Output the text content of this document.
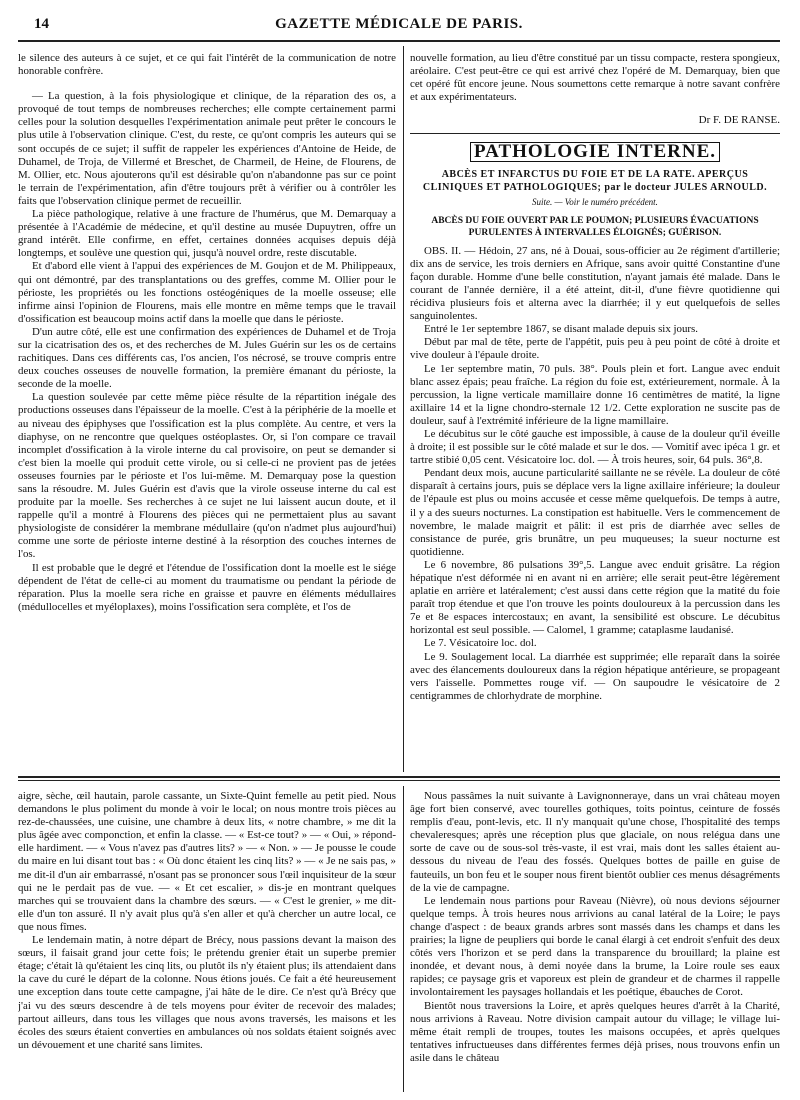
14	GAZETTE MÉDICALE DE PARIS.

le silence des auteurs à ce sujet, et ce qui fait l'intérêt de la communication de notre honorable confrère.

— La question, à la fois physiologique et clinique, de la réparation des os, a provoqué de tout temps de nombreuses recherches; elle compte certainement parmi celles pour la solution desquelles l'expérimentation animale peut prêter le concours le plus utile à l'observation clinique. C'est, du reste, ce qu'ont compris les auteurs qui se sont occupés de ce sujet; il suffit de rappeler les expériences d'Antoine de Heide, de Duhamel, de Troja, de Villermé et Breschet, de Charmeil, de Heine, de Flourens, de M. Ollier, etc. Nous ajouterons qu'il est désirable qu'on n'abandonne pas sur ce point le terrain de l'expérimentation, afin d'être toujours prêt à vérifier ou à contrôler les faits que l'observation clinique permet de recueillir.

La pièce pathologique, relative à une fracture de l'humérus, que M. Demarquay a présentée à l'Académie de médecine, et qu'il destine au musée Dupuytren, offre un grand intérêt. Elle confirme, en effet, certaines données acquises depuis déjà longtemps, et soulève une question qui, jusqu'à nouvel ordre, reste discutable.

Et d'abord elle vient à l'appui des expériences de M. Goujon et de M. Philippeaux, qui ont démontré, par des transplantations ou des greffes, comme M. Ollier pour le périoste, les propriétés ou les fonctions ostéogéniques de la moelle osseuse; elle infirme ainsi l'opinion de Flourens, mais elle montre en même temps que le travail d'ossification est beaucoup moins actif dans la moelle que dans le périoste.

D'un autre côté, elle est une confirmation des expériences de Duhamel et de Troja sur la cicatrisation des os, et des recherches de M. Jules Guérin sur les os de certains rachitiques. Dans ces différents cas, l'os ancien, l'os nécrosé, se trouve compris entre deux couches osseuses de nouvelle formation, la première émanant du périoste, la seconde de la moelle.

La question soulevée par cette même pièce résulte de la répartition inégale des productions osseuses dans l'épaisseur de la moelle. C'est à la périphérie de la moelle et au niveau des épiphyses que l'ossification est la plus complète. Au centre, et vers la diaphyse, on ne rencontre que quelques ostéoplastes. Or, si l'on compare ce travail incomplet d'ossification à la virole interne du cal provisoire, on peut se demander si c'est bien la moelle qui produit cette virole, ou si celle-ci ne provient pas de jetées osseuses fournies par le périoste et l'os lui-même. M. Demarquay pose la question sans la résoudre. M. Jules Guérin est d'avis que la virole osseuse interne du cal est produite par la moelle. Ses recherches à ce sujet ne lui laissent aucun doute, et il rappelle qu'il a montré à Flourens des pièces qui ne permettaient plus au savant physiologiste de considérer la membrane médullaire (qu'on n'admet plus aujourd'hui) comme une sorte de périoste interne destiné à la résorption des couches internes de l'os.

Il est probable que le degré et l'étendue de l'ossification dont la moelle est le siége dépendent de l'état de celle-ci au moment du traumatisme ou pendant la période de réparation. Plus la moelle sera riche en graisse et pauvre en éléments médullaires (médullocelles et myéloplaxes), moins l'ossification sera complète, et l'os de

nouvelle formation, au lieu d'être constitué par un tissu compacte, restera spongieux, aréolaire. C'est peut-être ce qui est arrivé chez l'opéré de M. Demarquay, bien que cet opéré fût encore jeune. Nous soumettons cette remarque à notre savant confrère et aux expérimentateurs.

Dr F. DE RANSE.
PATHOLOGIE INTERNE.
ABCÈS ET INFARCTUS DU FOIE ET DE LA RATE. APERÇUS CLINIQUES ET PATHOLOGIQUES; par le docteur JULES ARNOULD.
Suite. — Voir le numéro précédent.
ABCÈS DU FOIE OUVERT PAR LE POUMON; PLUSIEURS ÉVACUATIONS PURULENTES À INTERVALLES ÉLOIGNÉS; GUÉRISON.

OBS. II. — Hédoin, 27 ans, né à Douai, sous-officier au 2e régiment d'artillerie; dix ans de service, les trois derniers en Afrique, sans avoir quitté Constantine d'une façon durable. Homme d'une belle constitution, n'ayant jamais été malade. Dans le courant de l'année dernière, il a été atteint, dit-il, d'une fièvre quotidienne qui récidiva plusieurs fois et alterna avec la diarrhée; il y eut quelquefois de selles sanguinolentes.

Entré le 1er septembre 1867, se disant malade depuis six jours.

Début par mal de tête, perte de l'appétit, puis peu à peu point de côté à droite et vive douleur à l'épaule droite.

Le 1er septembre matin, 70 puls. 38°. Pouls plein et fort. Langue avec enduit blanc assez épais; peau fraîche. La région du foie est, extérieurement, normale. À la percussion, la ligne verticale mamillaire donne 16 centimètres de matité, la ligne axillaire 14 et la ligne chondro-sternale 12 1/2. Cette exploration ne suscite pas de douleur, sauf à l'extrémité inférieure de la ligne mamillaire.

Le décubitus sur le côté gauche est impossible, à cause de la douleur qu'il éveille à droite; il est possible sur le côté malade et sur le dos. — Vomitif avec ipéca 1 gr. et tartre stibié 0,05 cent. Vésicatoire loc. dol. — À trois heures, soir, 64 puls. 36°,8.

Pendant deux mois, aucune particularité saillante ne se révèle. La douleur de côté disparaît à certains jours, puis se déplace vers la ligne axillaire inférieure; la douleur de l'épaule est plus ou moins accusée et cesse même quelquefois. De temps à autre, il y a des sueurs nocturnes. La constipation est habituelle. Vers le commencement de novembre, le malade maigrit et pâlit: il est pris de diarrhée avec selles de consistance de purée, gris brunâtre, un peu muqueuses; la sueur nocturne est quotidienne.

Le 6 novembre, 86 pulsations 39°,5. Langue avec enduit grisâtre. La région hépatique n'est déformée ni en avant ni en arrière; elle serait peut-être légèrement aplatie en arrière et latéralement; c'est aussi dans cette région que la matité du foie paraît trop étendue et que l'on trouve les points douloureux à la percussion dans les 7e et 8e espaces intercostaux; en avant, la sensibilité est obscure. Le décubitus horizontal est seul possible. — Calomel, 1 gramme; cataplasme laudanisé.

Le 7. Vésicatoire loc. dol.

Le 9. Soulagement local. La diarrhée est supprimée; elle reparaît dans la soirée avec des élancements douloureux dans la région hépatique antérieure, se propageant vers l'aisselle. Pommettes rouge vif. — On saupoudre le vésicatoire de 2 centigrammes de chlorhydrate de morphine.

aigre, sèche, œil hautain, parole cassante, un Sixte-Quint femelle au petit pied. Nous demandons le plus poliment du monde à voir le local; on nous montre trois pièces au rez-de-chaussées, une cuisine, une chambre à deux lits, « notre chambre, » me dit la plus âgée avec componction, et enfin la classe. — « Est-ce tout? » — « Oui, » répond-elle hardiment. — « Vous n'avez pas d'autres lits? » — « Non. » — Je pousse le coude du maire en lui disant tout bas : « Où donc étaient les cinq lits? » — « Je ne sais pas, » me dit-il d'un air embarrassé, n'osant pas se prononcer sous l'œil inquisiteur de la sœur qui ne le perdait pas de vue. — « Et cet escalier, » dis-je en montrant quelques marches qui se trouvaient dans la chambre des sœurs. — « C'est le grenier, » me dit-elle d'un ton assuré. Il n'y avait plus qu'à s'en aller et qu'à chercher un autre local, ce que nous fîmes.

Le lendemain matin, à notre départ de Brécy, nous passions devant la maison des sœurs, il faisait grand jour cette fois; le prétendu grenier était un superbe premier étage; c'était là qu'étaient les cinq lits, ou plutôt ils n'y étaient plus; ils attendaient dans la cave du curé le départ de la colonne. Nous étions joués. Ce fait a été heureusement une exception dans toute cette campagne, j'ai hâte de le dire. Ce n'est qu'à Brécy que j'ai vu des sœurs descendre à de tels moyens pour éviter de recevoir des malades; partout ailleurs, dans tous les villages que nous avons traversés, les maisons et les écoles des sœurs étaient converties en ambulances où nos soldats étaient soignés avec un dévouement et une charité sans limites.

Nous passâmes la nuit suivante à Lavignonneraye, dans un vrai château moyen âge fort bien conservé, avec tourelles gothiques, toits pointus, ceinture de fossés remplis d'eau, pont-levis, etc. Il n'y manquait qu'une chose, l'hospitalité des temps chevaleresques; après une réception plus que glaciale, on nous relégua dans une sorte de cave ou de sous-sol très-vaste, il est vrai, mais dont les salles étaient au-dessous du niveau de l'eau des fossés. Quelques bottes de paille en guise de fauteuils, un bon feu et le souper nous firent bientôt oublier ces menus désagréments de la vie de campagne.

Le lendemain nous partions pour Raveau (Nièvre), où nous devions séjourner quelque temps. À trois heures nous arrivions au canal latéral de la Loire; le pays change d'aspect : de beaux grands arbres sont massés dans les champs et dans les prairies; la ligne de peupliers qui borde le canal élargi à cet endroit s'enfuit des deux côtés vers l'horizon et se perd dans la transparence du brouillard; la plaine est inondée, et devant nous, à demi noyée dans la brume, la Loire roule ses eaux rapides; ce paysage gris et vaporeux est plein de grandeur et de charmes il rappelle involontairement les paysages hollandais et les poétique, ébauches de Corot.

Bientôt nous traversions la Loire, et après quelques heures d'arrêt à la Charité, nous arrivions à Raveau. Notre division campait autour du village; le village lui-même était rempli de troupes, toutes les maisons occupées, et après quelques tentatives infructueuses dans différentes fermes déjà prises, nous trouvons enfin un asile dans le château
